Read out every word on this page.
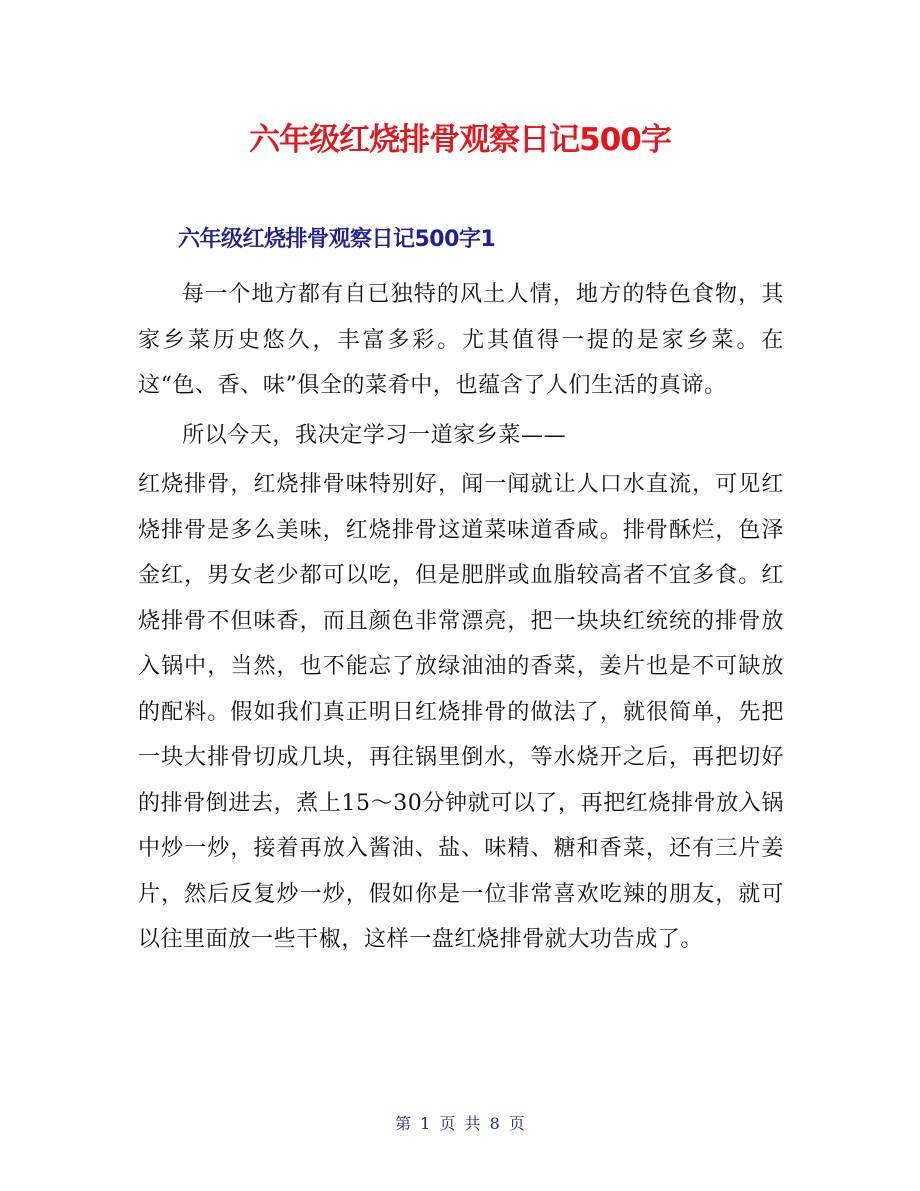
六年级红烧排骨观察日记500字
六年级红烧排骨观察日记500字1

每一个地方都有自已独特的风土人情，地方的特色食物，其家乡菜历史悠久，丰富多彩。尤其值得一提的是家乡菜。在这“色、香、味”俱全的菜肴中，也蕴含了人们生活的真谛。

所以今天，我决定学习一道家乡菜——

红烧排骨，红烧排骨味特别好，闻一闻就让人口水直流，可见红烧排骨是多么美味，红烧排骨这道菜味道香咸。排骨酥烂，色泽金红，男女老少都可以吃，但是肥胖或血脂较高者不宜多食。红烧排骨不但味香，而且颜色非常漂亮，把一块块红统统的排骨放入锅中，当然，也不能忘了放绿油油的香菜，姜片也是不可缺放的配料。假如我们真正明日红烧排骨的做法了，就很简单，先把一块大排骨切成几块，再往锅里倒水，等水烧开之后，再把切好的排骨倒进去，煮上15～30分钟就可以了，再把红烧排骨放入锅中炒一炒，接着再放入酱油、盐、味精、糖和香菜，还有三片姜片，然后反复炒一炒，假如你是一位非常喜欢吃辣的朋友，就可以往里面放一些干椒，这样一盘红烧排骨就大功告成了。

第 1 页 共 8 页
